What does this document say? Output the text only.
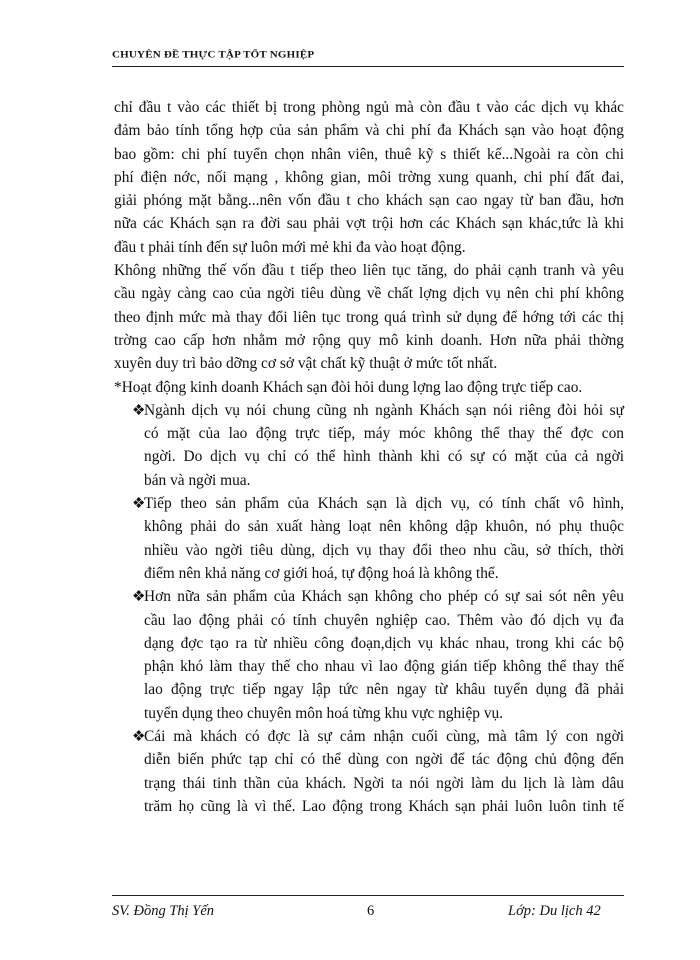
CHUYÊN ĐỀ THỰC TẬP TỐT NGHIỆP
chỉ đầu t vào các thiết bị trong phòng ngủ mà còn đầu t vào các dịch vụ khác
đảm bảo tính tổng hợp của sản phẩm và chi phí đa Khách sạn vào hoạt động
bao gồm: chi phí tuyển chọn nhân viên, thuê kỹ s thiết kế...Ngoài ra còn chi
phí điện nớc, nối mạng , không gian, môi trờng xung quanh, chi phí đất đai,
giải phóng mặt bằng...nên vốn đầu t cho khách sạn cao ngay từ ban đầu, hơn
nữa các Khách sạn ra đời sau phải vợt trội hơn các Khách sạn khác,tức là khi
đầu t phải tính đến sự luôn mới mẻ khi đa vào hoạt động.
Không những thế vốn đầu t tiếp theo liên tục tăng, do phải cạnh tranh và yêu
cầu ngày càng cao của ngời tiêu dùng về chất lợng dịch vụ nên chi phí không
theo định mức mà thay đổi liên tục trong quá trình sử dụng để hớng tới các thị
trờng cao cấp hơn nhằm mở rộng quy mô kinh doanh. Hơn nữa phải thờng
xuyên duy trì bảo dỡng cơ sở vật chất kỹ thuật ở mức tốt nhất.
*Hoạt động kinh doanh Khách sạn đòi hỏi dung lợng lao động trực tiếp cao.
❖
Ngành dịch vụ nói chung cũng nh ngành Khách sạn nói riêng đòi hỏi sự
có mặt của lao động trực tiếp, máy móc không thể thay thế đợc con
ngời. Do dịch vụ chỉ có thể hình thành khi có sự có mặt của cả ngời
bán và ngời mua.
❖
Tiếp theo sản phẩm của Khách sạn là dịch vụ, có tính chất vô hình,
không phải do sản xuất hàng loạt nên không dập khuôn, nó phụ thuộc
nhiều vào ngời tiêu dùng, dịch vụ thay đổi theo nhu cầu, sở thích, thời
điểm nên khả năng cơ giới hoá, tự động hoá là không thể.
❖
Hơn nữa sản phẩm của Khách sạn không cho phép có sự sai sót nên yêu
cầu lao động phải có tính chuyên nghiệp cao. Thêm vào đó dịch vụ đa
dạng đợc tạo ra từ nhiều công đoạn,dịch vụ khác nhau, trong khi các bộ
phận khó làm thay thế cho nhau vì lao động gián tiếp không thể thay thế
lao động trực tiếp ngay lập tức nên ngay từ khâu tuyển dụng đã phải
tuyển dụng theo chuyên môn hoá từng khu vực nghiệp vụ.
❖
Cái mà khách có đợc là sự cảm nhận cuối cùng, mà tâm lý con ngời
diễn biến phức tạp chỉ có thể dùng con ngời để tác động chủ động đến
trạng thái tinh thần của khách. Ngời ta nói ngời làm du lịch là làm dâu
trăm họ cũng là vì thế. Lao động trong Khách sạn phải luôn luôn tinh tế
SV. Đồng Thị Yến	6	Lớp: Du lịch 42
